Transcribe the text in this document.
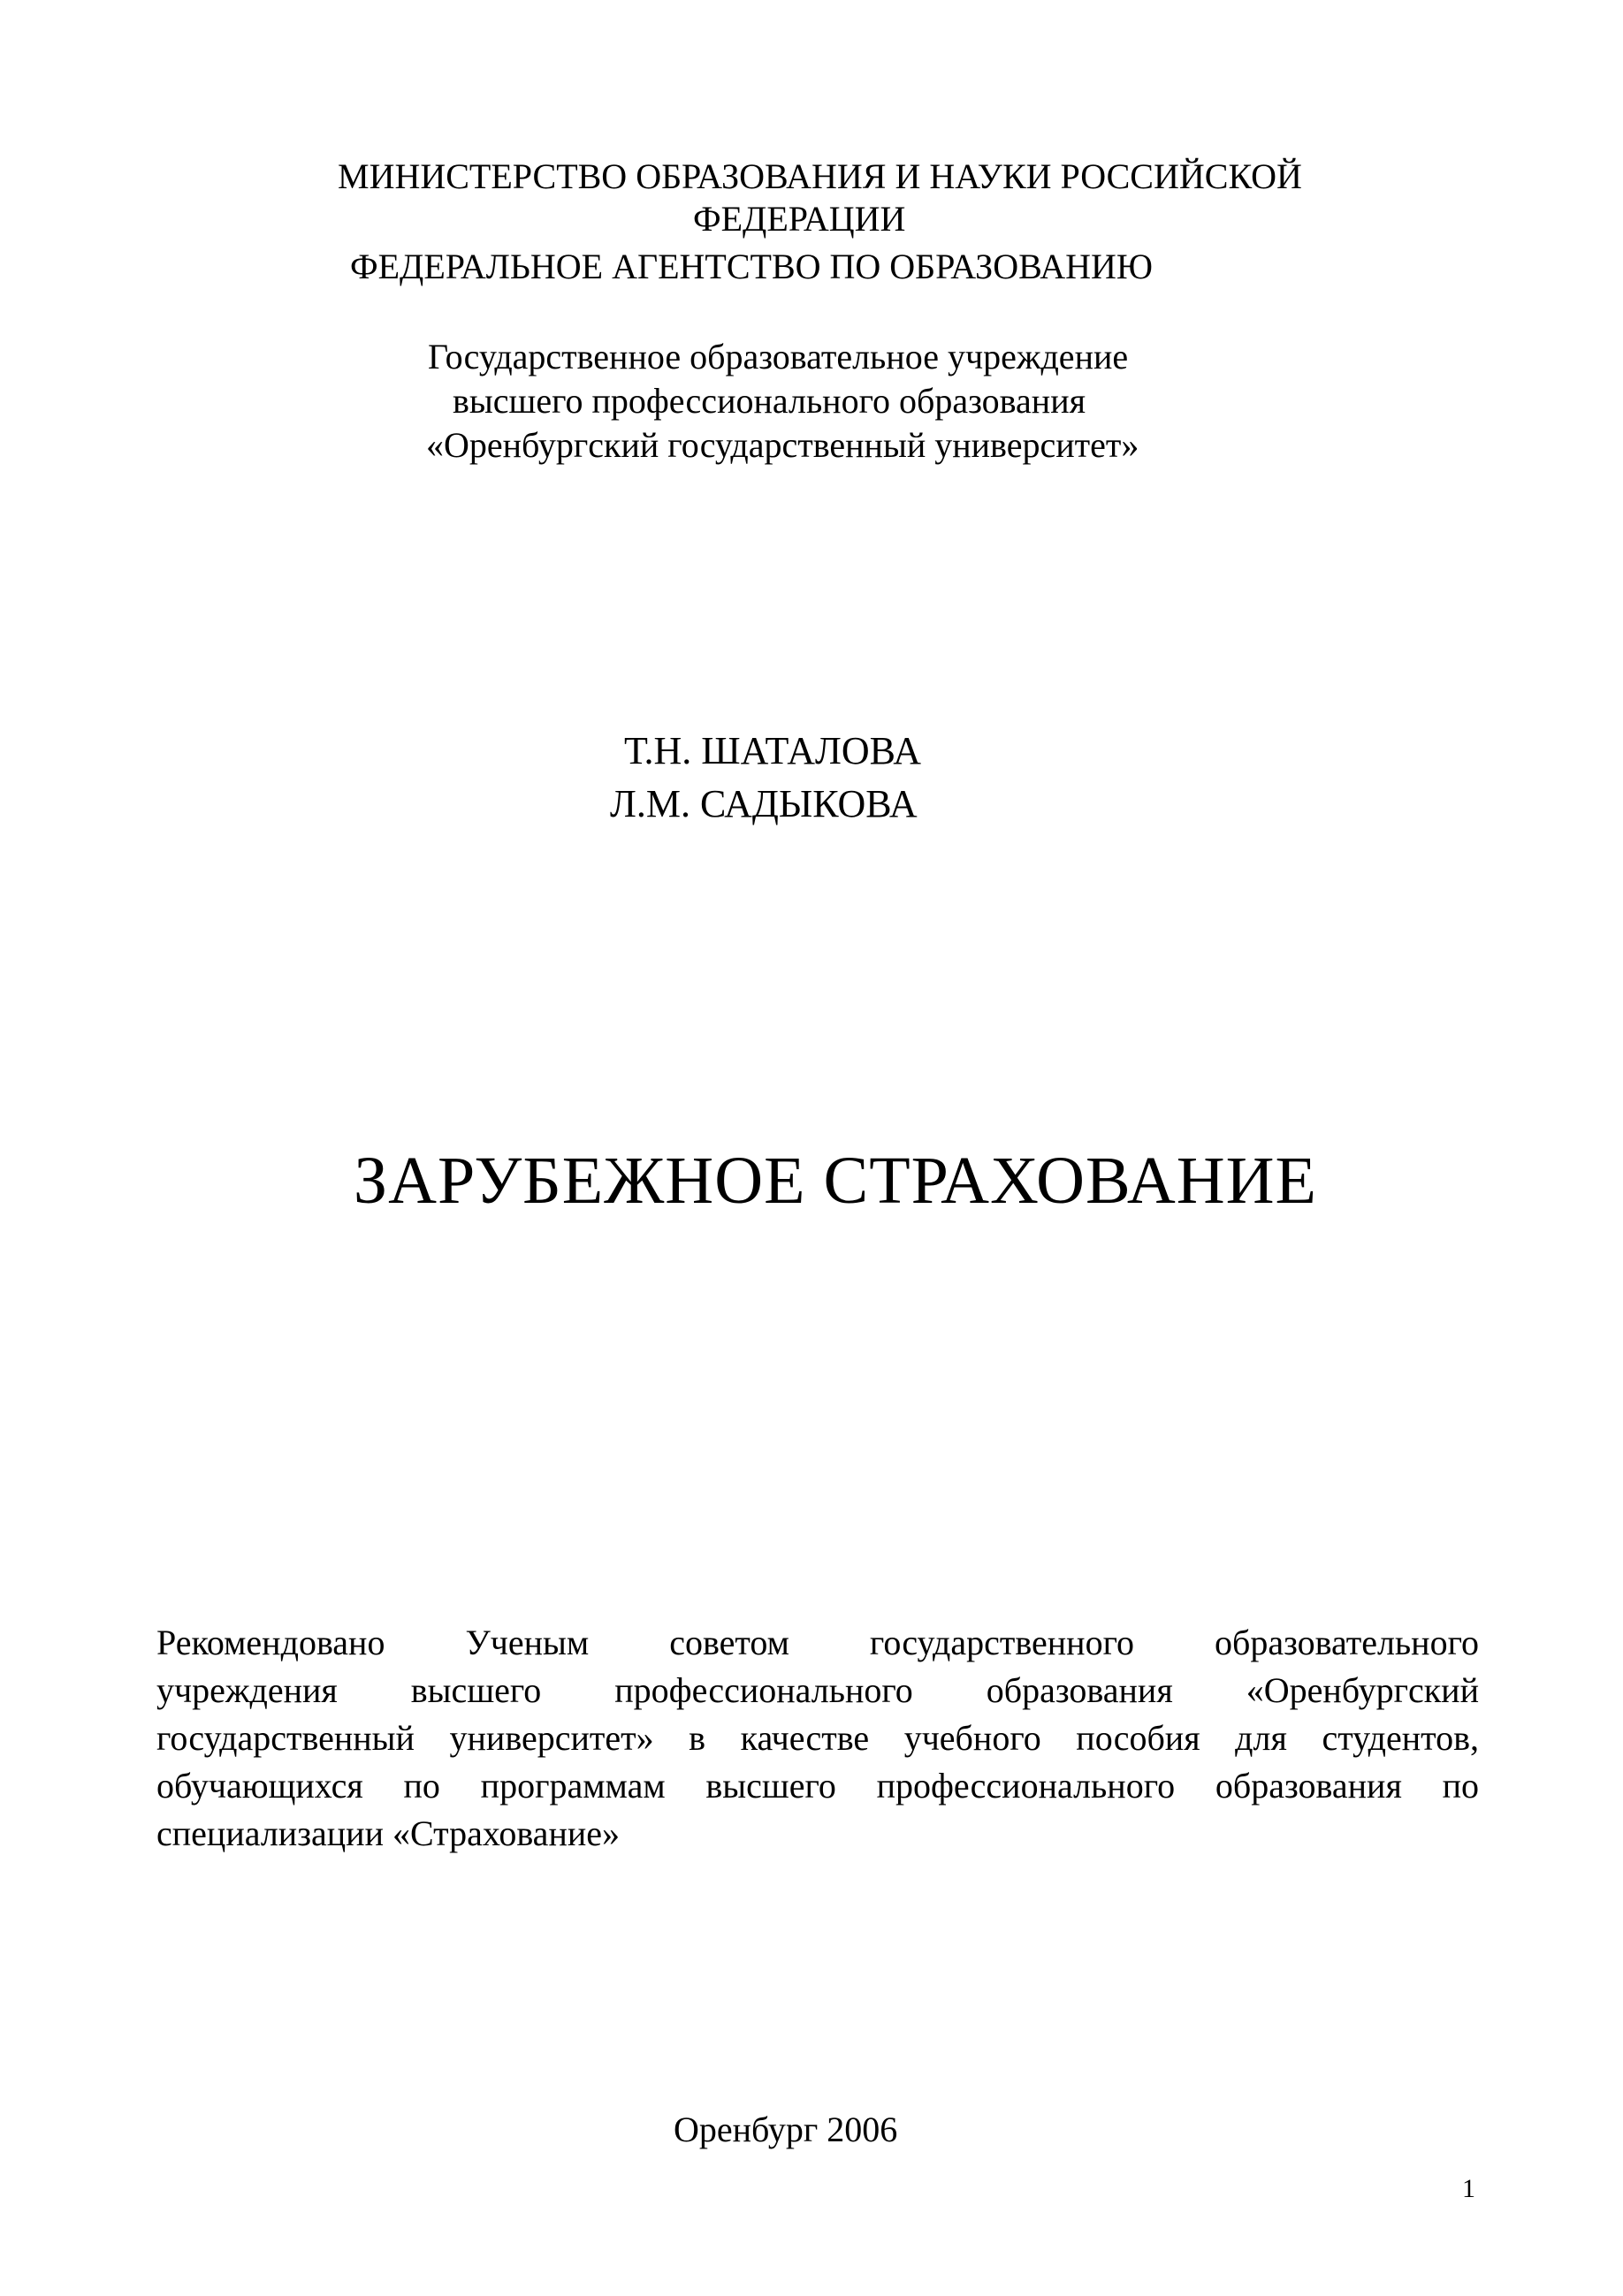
МИНИСТЕРСТВО ОБРАЗОВАНИЯ И НАУКИ РОССИЙСКОЙ
ФЕДЕРАЦИИ
ФЕДЕРАЛЬНОЕ АГЕНТСТВО ПО ОБРАЗОВАНИЮ
Государственное образовательное учреждение
высшего профессионального образования
«Оренбургский государственный университет»
Т.Н. ШАТАЛОВА
Л.М. САДЫКОВА
ЗАРУБЕЖНОЕ СТРАХОВАНИЕ
Рекомендовано Ученым советом государственного образовательного
учреждения высшего профессионального образования «Оренбургский
государственный университет» в качестве учебного пособия для студентов,
обучающихся по программам высшего профессионального образования по
специализации «Страхование»
Оренбург 2006
1
